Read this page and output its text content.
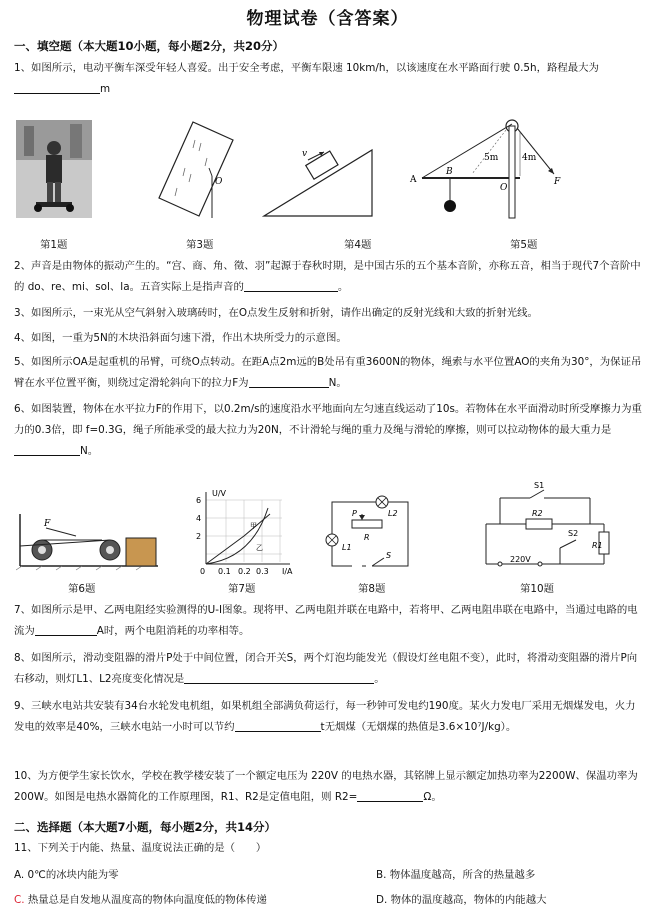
物理试卷（含答案）
一、填空题（本大题10小题，每小题2分，共20分）
1、如图所示，电动平衡车深受年轻人喜爱。出于安全考虑，平衡车限速 10km/h，以该速度在水平路面行驶 0.5h，路程最大为m
O
v
A
B
O
F
5m	4m
第1题	第3题	第4题	第5题
2、声音是由物体的振动产生的。“宫、商、角、徵、羽”起源于春秋时期，是中国古乐的五个基本音阶，亦称五音，相当于现代7个音阶中的 do、re、mi、sol、la。五音实际上是指声音的	。
3、如图所示，一束光从空气斜射入玻璃砖时，在O点发生反射和折射，请作出确定的反射光线和大致的折射光线。
4、如图，一重为5N的木块沿斜面匀速下滑，作出木块所受力的示意图。
5、如图所示OA是起重机的吊臂，可绕O点转动。在距A点2m远的B处吊有重3600N的物体，绳索与水平位置AO的夹角为30°，为保证吊臂在水平位置平衡，则绕过定滑轮斜向下的拉力F为	N。
6、如图装置，物体在水平拉力F的作用下，以0.2m/s的速度沿水平地面向左匀速直线运动了10s。若物体在水平面滑动时所受摩擦力为重力的0.3倍，即 f=0.3G，绳子所能承受的最大拉力为20N，不计滑轮与绳的重力及绳与滑轮的摩擦，则可以拉动物体的最大重力是N。
F
U/V
I/A
6
4
2
0 0.1 0.2 0.3
甲
乙
L2
L1
P
R
S
S1
R2
R1
S2
220V
第6题	第7题	第8题	第10题
7、如图所示是甲、乙两电阻经实验测得的U-I图象。现将甲、乙两电阻并联在电路中，若将甲、乙两电阻串联在电路中，当通过电路的电流为	A时，两个电阻消耗的功率相等。
8、如图所示，滑动变阻器的滑片P处于中间位置，闭合开关S，两个灯泡均能发光（假设灯丝电阻不变），此时，将滑动变阻器的滑片P向右移动，则灯L1、L2亮度变化情况是	。
9、三峡水电站共安装有34台水轮发电机组，如果机组全部满负荷运行，每一秒钟可发电约190度。某火力发电厂采用无烟煤发电，火力发电的效率是40%，三峡水电站一小时可以节约	t无烟煤（无烟煤的热值是3.6×10⁷J/kg）。
10、为方便学生家长饮水，学校在教学楼安装了一个额定电压为 220V 的电热水器，其铭牌上显示额定加热功率为2200W、保温功率为200W。如图是电热水器简化的工作原理图，R1、R2是定值电阻，则 R2=	Ω。
二、选择题（本大题7小题，每小题2分，共14分）
11、下列关于内能、热量、温度说法正确的是（　　）
A. 0℃的冰块内能为零	B. 物体温度越高，所含的热量越多
C. 热量总是自发地从温度高的物体向温度低的物体传递	D. 物体的温度越高，物体的内能越大
